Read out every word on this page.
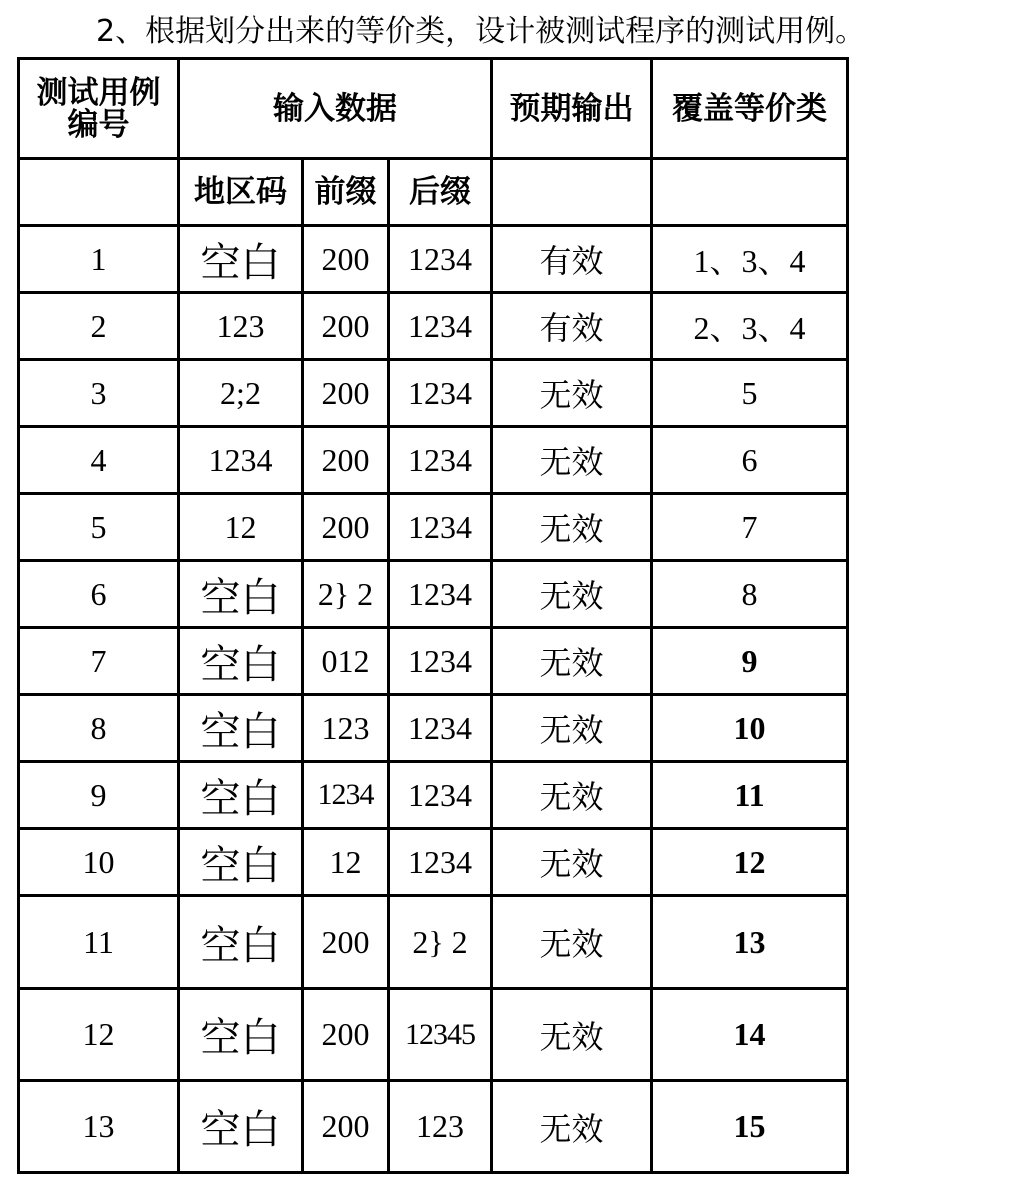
2、根据划分出来的等价类，设计被测试程序的测试用例。
测试用例
编号	输入数据			预期输出	覆盖等价类
	地区码	前缀	后缀		
1	空白	200	1234	有效	1、3、4
2	123	200	1234	有效	2、3、4
3	2;2	200	1234	无效	5
4	1234	200	1234	无效	6
5	12	200	1234	无效	7
6	空白	2} 2	1234	无效	8
7	空白	012	1234	无效	9
8	空白	123	1234	无效	10
9	空白	1234	1234	无效	11
10	空白	12	1234	无效	12
11	空白	200	2} 2	无效	13
12	空白	200	12345	无效	14
13	空白	200	123	无效	15
